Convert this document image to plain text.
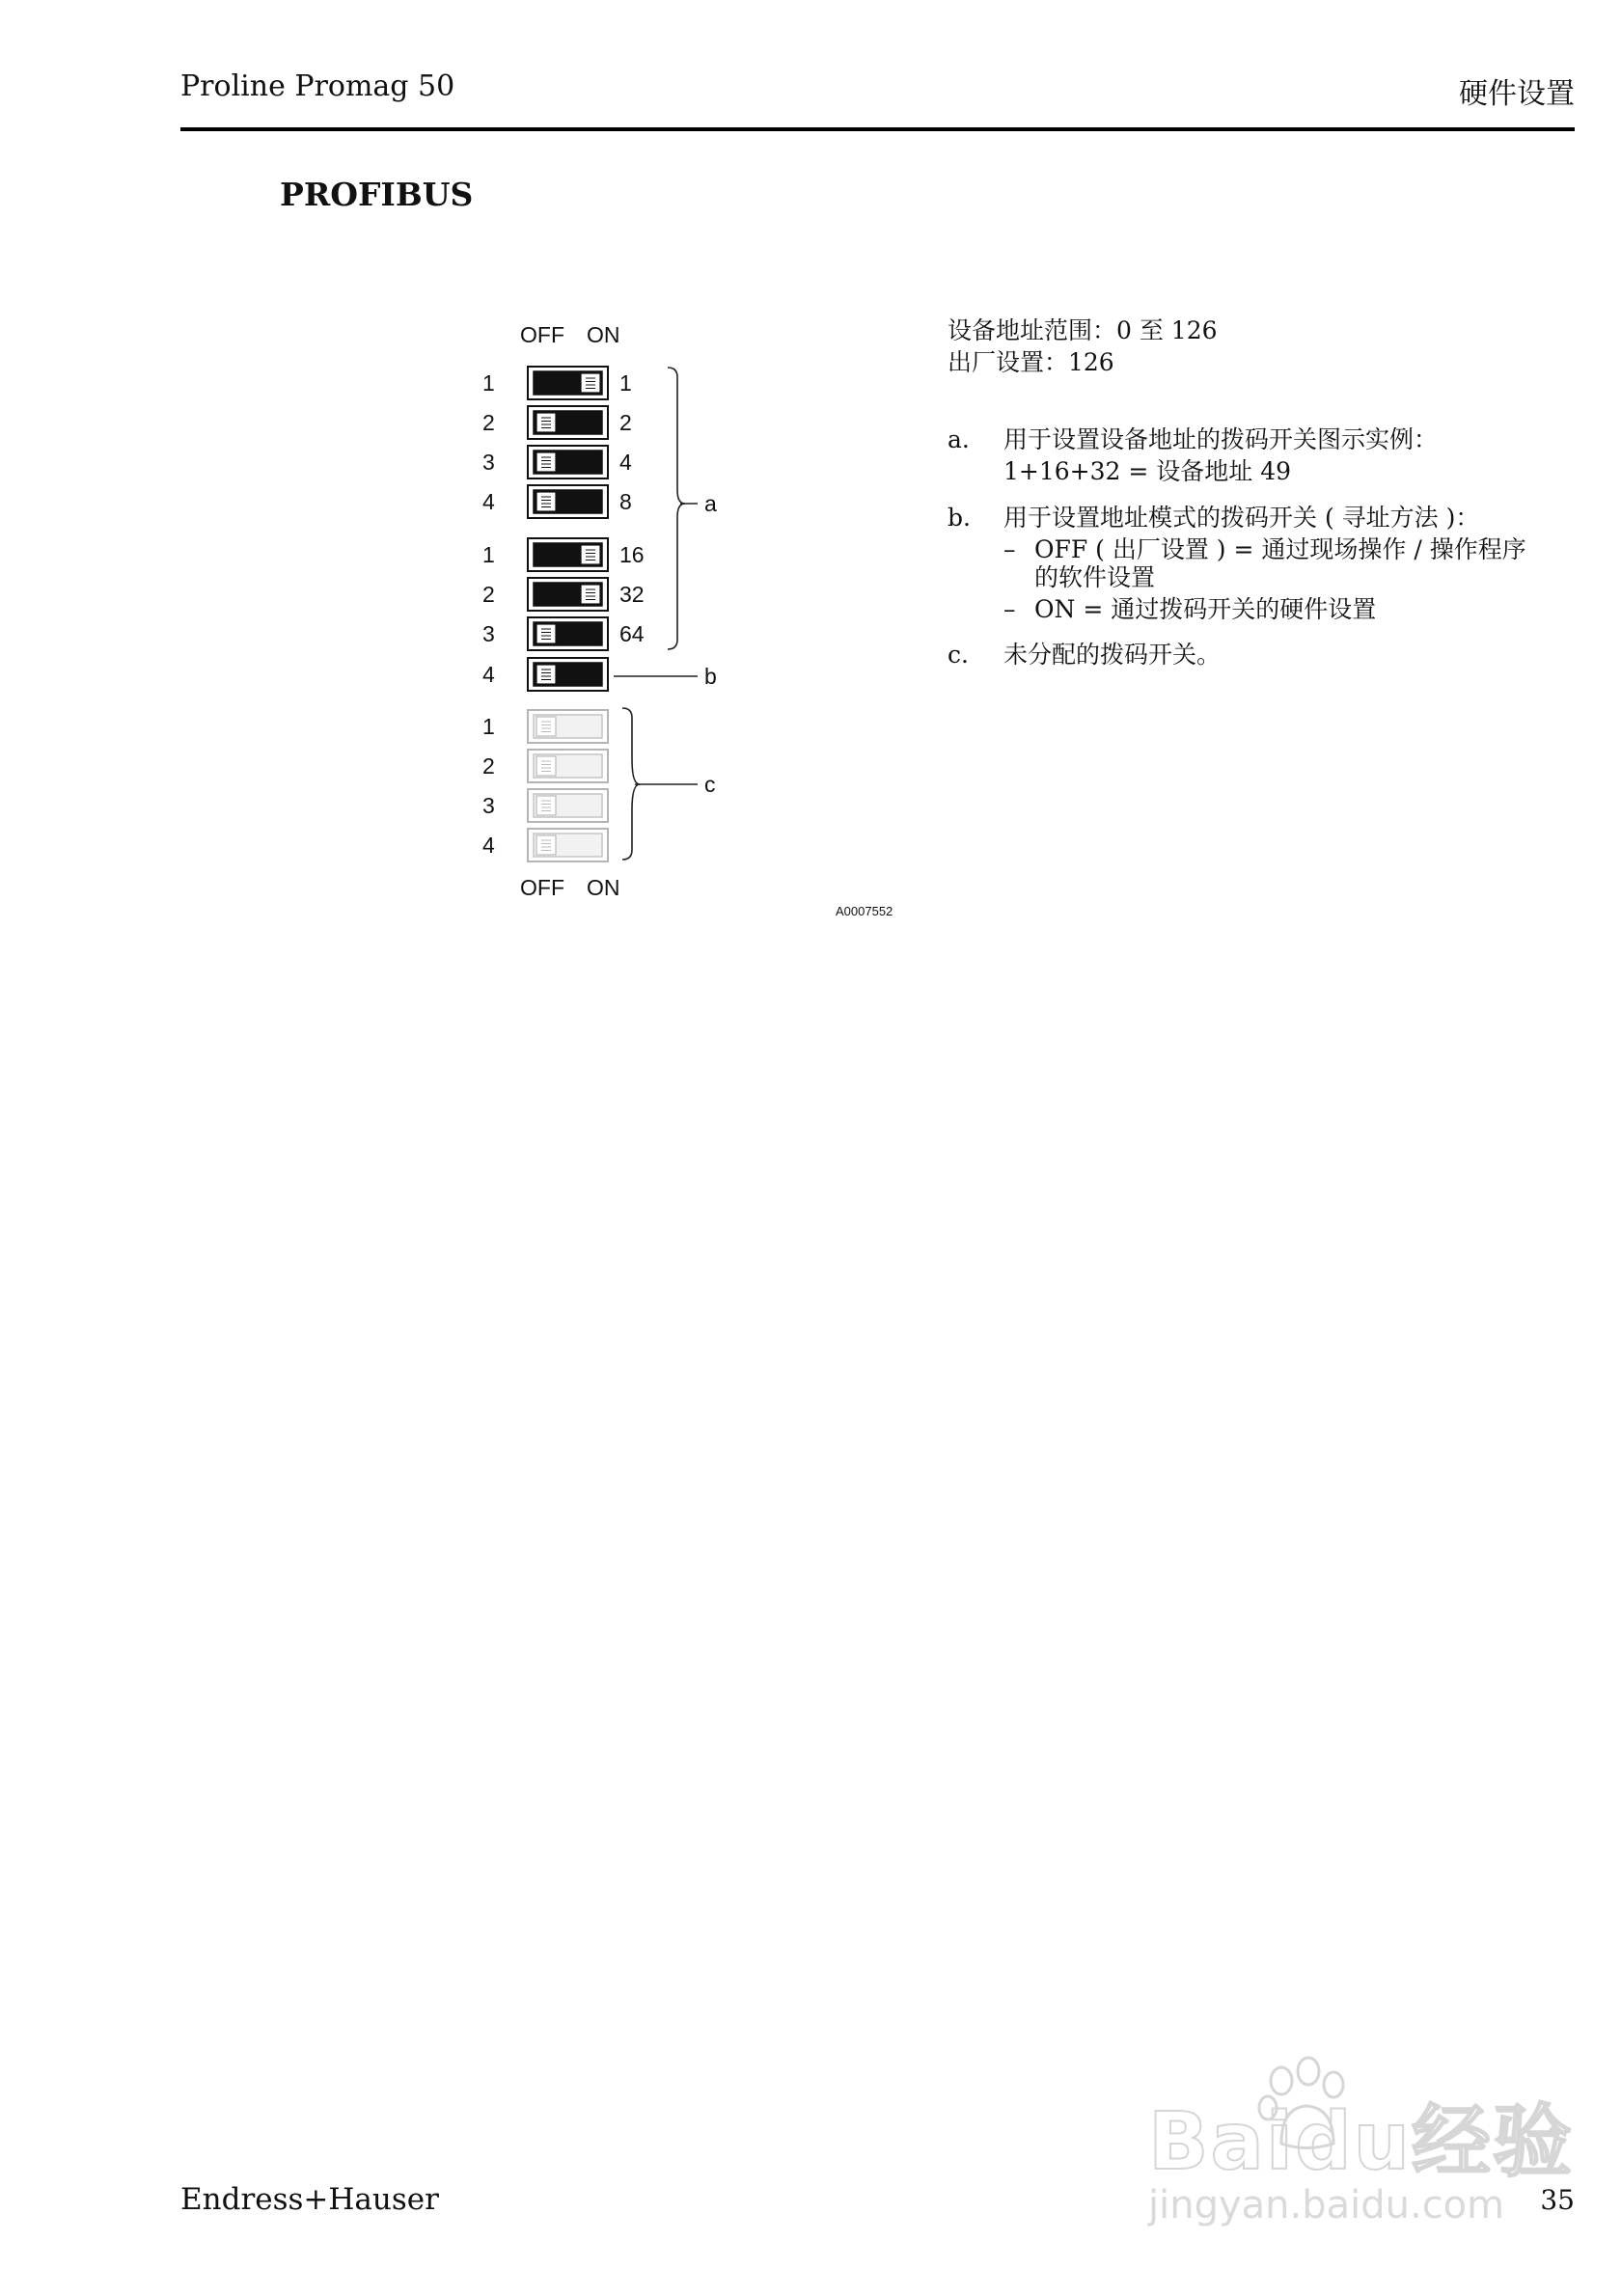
Proline Promag 50	硬件设置
PROFIBUS
OFF ON
1	1
2	2
3	4
4	8
1	16
2	32
3	64
4
1
2
3
4
OFF ON
a
b
c
A0007552
设备地址范围：0 至 126
出厂设置：126
a. 用于设置设备地址的拨码开关图示实例：
1+16+32 = 设备地址 49
b. 用于设置地址模式的拨码开关 ( 寻址方法 )：
– OFF ( 出厂设置 ) = 通过现场操作 / 操作程序
的软件设置
– ON = 通过拨码开关的硬件设置
c. 未分配的拨码开关。
Baidu经验
jingyan.baidu.com
Endress+Hauser	35
